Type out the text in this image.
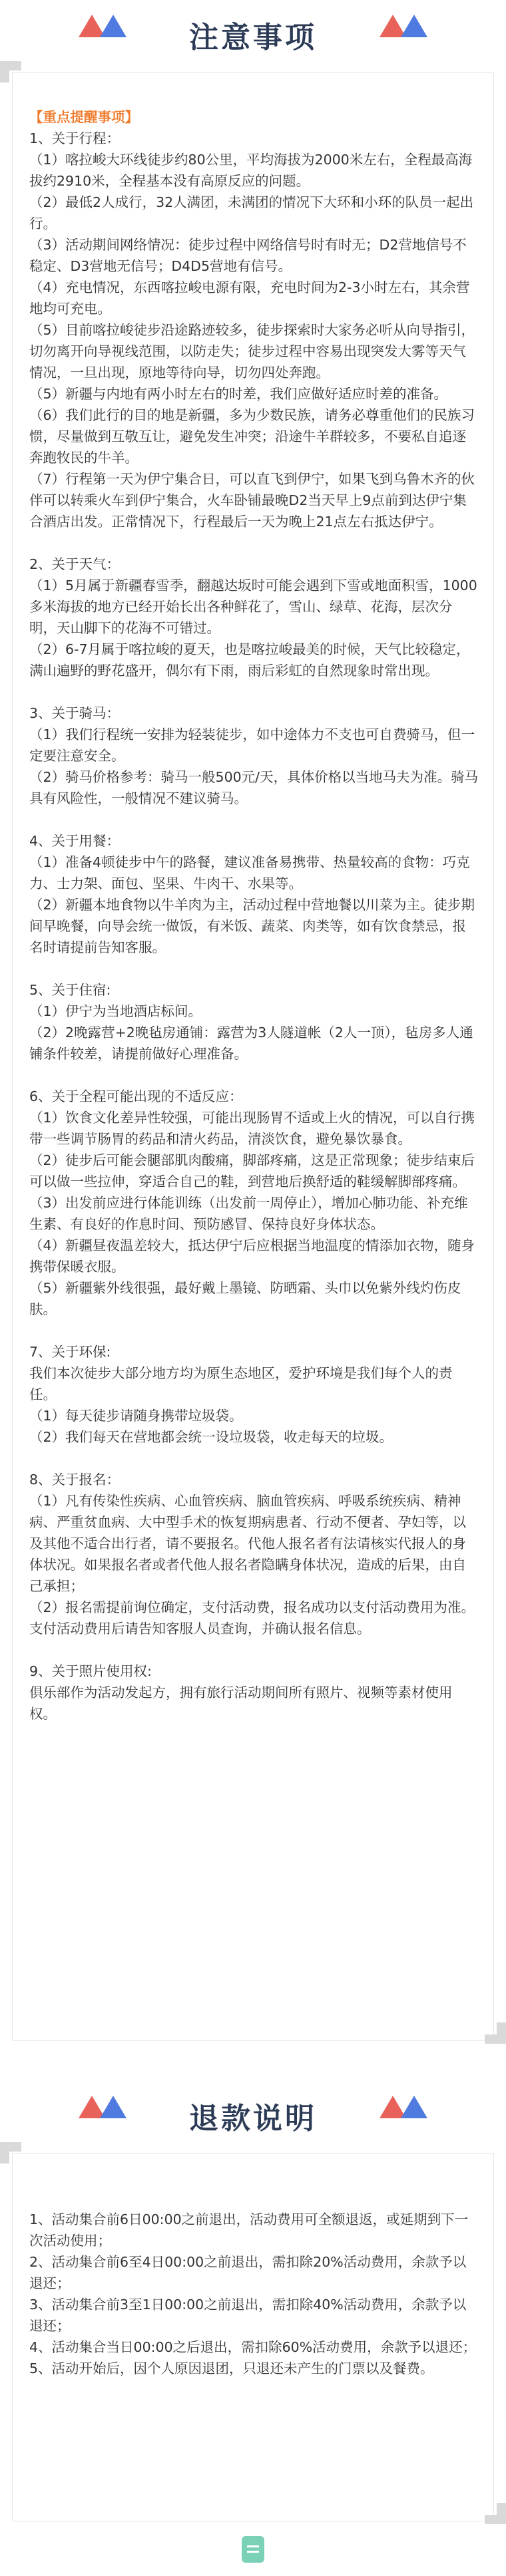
注意事项

【重点提醒事项】

1、关于行程：

（1）喀拉峻大环线徒步约80公里，平均海拔为2000米左右，全程最高海拔约2910米，全程基本没有高原反应的问题。

（2）最低2人成行，32人满团，未满团的情况下大环和小环的队员一起出行。

（3）活动期间网络情况：徒步过程中网络信号时有时无；D2营地信号不稳定、D3营地无信号；D4D5营地有信号。

（4）充电情况，东西喀拉峻电源有限，充电时间为2-3小时左右，其余营地均可充电。

（5）目前喀拉峻徒步沿途路迹较多，徒步探索时大家务必听从向导指引，切勿离开向导视线范围，以防走失；徒步过程中容易出现突发大雾等天气情况，一旦出现，原地等待向导，切勿四处奔跑。

（5）新疆与内地有两小时左右的时差，我们应做好适应时差的准备。

（6）我们此行的目的地是新疆，多为少数民族，请务必尊重他们的民族习惯，尽量做到互敬互让，避免发生冲突；沿途牛羊群较多，不要私自追逐奔跑牧民的牛羊。

（7）行程第一天为伊宁集合日，可以直飞到伊宁，如果飞到乌鲁木齐的伙伴可以转乘火车到伊宁集合，火车卧铺最晚D2当天早上9点前到达伊宁集合酒店出发。正常情况下，行程最后一天为晚上21点左右抵达伊宁。

2、关于天气：

（1）5月属于新疆春雪季，翻越达坂时可能会遇到下雪或地面积雪，1000多米海拔的地方已经开始长出各种鲜花了，雪山、绿草、花海，层次分明，天山脚下的花海不可错过。

（2）6-7月属于喀拉峻的夏天，也是喀拉峻最美的时候，天气比较稳定，满山遍野的野花盛开，偶尔有下雨，雨后彩虹的自然现象时常出现。

3、关于骑马：

（1）我们行程统一安排为轻装徒步，如中途体力不支也可自费骑马，但一定要注意安全。

（2）骑马价格参考：骑马一般500元/天，具体价格以当地马夫为准。骑马具有风险性，一般情况不建议骑马。

4、关于用餐：

（1）准备4顿徒步中午的路餐，建议准备易携带、热量较高的食物：巧克力、士力架、面包、坚果、牛肉干、水果等。

（2）新疆本地食物以牛羊肉为主，活动过程中营地餐以川菜为主。徒步期间早晚餐，向导会统一做饭，有米饭、蔬菜、肉类等，如有饮食禁忌，报名时请提前告知客服。

5、关于住宿:

（1）伊宁为当地酒店标间。

（2）2晚露营+2晚毡房通铺：露营为3人隧道帐（2人一顶），毡房多人通铺条件较差，请提前做好心理准备。

6、关于全程可能出现的不适反应：

（1）饮食文化差异性较强，可能出现肠胃不适或上火的情况，可以自行携带一些调节肠胃的药品和清火药品，清淡饮食，避免暴饮暴食。

（2）徒步后可能会腿部肌肉酸痛，脚部疼痛，这是正常现象；徒步结束后可以做一些拉伸，穿适合自己的鞋，到营地后换舒适的鞋缓解脚部疼痛。

（3）出发前应进行体能训练（出发前一周停止），增加心肺功能、补充维生素、有良好的作息时间、预防感冒、保持良好身体状态。

（4）新疆昼夜温差较大，抵达伊宁后应根据当地温度的情添加衣物，随身携带保暖衣服。

（5）新疆紫外线很强，最好戴上墨镜、防晒霜、头巾以免紫外线灼伤皮肤。

7、关于环保:

我们本次徒步大部分地方均为原生态地区，爱护环境是我们每个人的责任。

（1）每天徒步请随身携带垃圾袋。

（2）我们每天在营地都会统一设垃圾袋，收走每天的垃圾。

8、关于报名：

（1）凡有传染性疾病、心血管疾病、脑血管疾病、呼吸系统疾病、精神病、严重贫血病、大中型手术的恢复期病患者、行动不便者、孕妇等，以及其他不适合出行者，请不要报名。代他人报名者有法请核实代报人的身体状况。如果报名者或者代他人报名者隐瞒身体状况，造成的后果，由自己承担；

（2）报名需提前询位确定，支付活动费，报名成功以支付活动费用为准。支付活动费用后请告知客服人员查询，并确认报名信息。

9、关于照片使用权:

俱乐部作为活动发起方，拥有旅行活动期间所有照片、视频等素材使用权。

退款说明

1、活动集合前6日00:00之前退出，活动费用可全额退返，或延期到下一次活动使用；

2、活动集合前6至4日00:00之前退出，需扣除20%活动费用，余款予以退还；

3、活动集合前3至1日00:00之前退出，需扣除40%活动费用，余款予以退还；

4、活动集合当日00:00之后退出，需扣除60%活动费用，余款予以退还；

5、活动开始后，因个人原因退团，只退还未产生的门票以及餐费。
